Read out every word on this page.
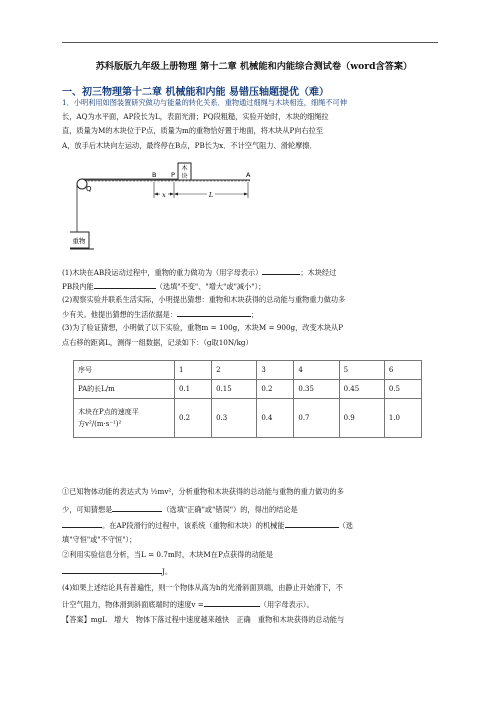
苏科版版九年级上册物理 第十二章 机械能和内能综合测试卷（word含答案）
一、初三物理第十二章 机械能和内能 易错压轴题提优（难）
1．小明利用如图装置研究做功与能量的转化关系．重物通过细绳与木块相连，细绳不可伸
长，AQ为水平面，AP段长为L，表面光滑；PQ段粗糙，实验开始时，木块的细绳拉
直，质量为M的木块位于P点，质量为m的重物恰好置于地面，将木块从P向右拉至
A，放手后木块向左运动，最终停在B点，PB长为x．不计空气阻力、滑轮摩擦．
重物
木
块
Q
B P	A
x	L
(1)木块在AB段运动过程中，重物的重力做功为（用字母表示）	；木块经过
PB段内能	（选填"不变"、"增大"或"减小"）；
(2)观察实验并联系生活实际，小明提出猜想：重物和木块获得的总动能与重物重力做功多
少有关。他提出猜想的生活依据是：	；
(3)为了验证猜想，小明做了以下实验，重物m = 100g，木块M = 900g，改变木块从P
点右移的距离L，测得一组数据，记录如下：（g取10N/kg）
序号	1	2	3	4	5	6
PA的长L/m	0.1	0.15	0.2	0.35	0.45	0.5

木块在P点的速度平
方v²/(m·s⁻¹)²	0.2	0.3	0.4	0.7	0.9	1.0
①已知物体动能的表达式为 ½mv²，分析重物和木块获得的总动能与重物的重力做功的多
少，可知猜想是	（选填"正确"或"错误"）的，得出的结论是
。在AP段滑行的过程中，该系统（重物和木块）的机械能	（选
填"守恒"或"不守恒"）；
②利用实验信息分析，当L = 0.7m时，木块M在P点获得的动能是
J。
(4)如果上述结论具有普遍性，则一个物体从高为h的光滑斜面顶端，由静止开始滑下，不
计空气阻力，物体滑到斜面底端时的速度v =	（用字母表示）。
【答案】mgL　增大　物体下落过程中速度越来越快　正确　重物和木块获得的总动能与
